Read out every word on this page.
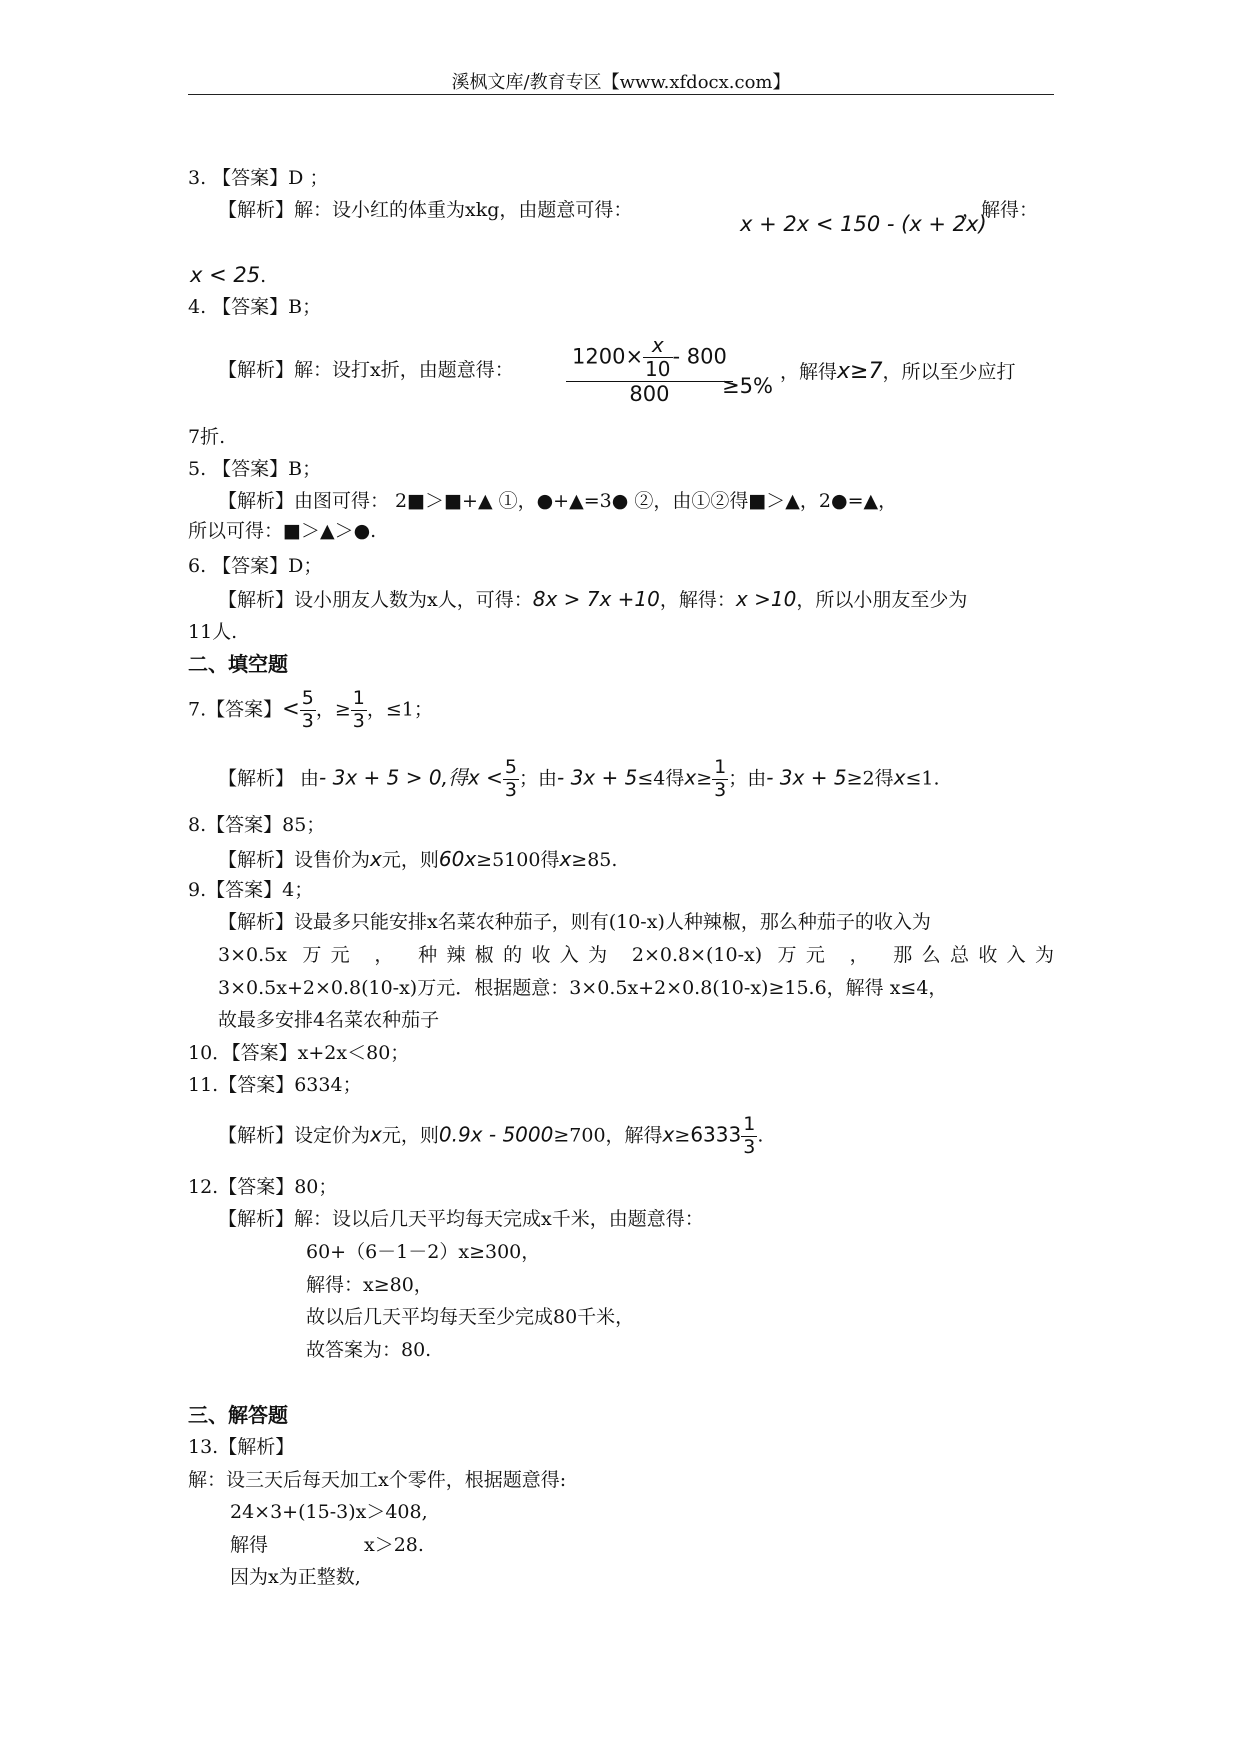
溪枫文库/教育专区【www.xfdocx.com】
3. 【答案】D ；
【解析】解：设小红的体重为xkg，由题意可得：
x + 2x < 150 - (x + 2x)
，解得：
x < 25.
4. 【答案】B；
【解析】解：设打x折，由题意得： $\frac{1200\times \frac{x}{10} - 800}{800}$
≥5%
，解得x≥7，所以至少应打
7折.
5. 【答案】B；
【解析】由图可得： 2■＞■+▲ ①，●+▲=3● ②，由①②得■＞▲，2●=▲，
所以可得：■＞▲＞●.
6. 【答案】D；
【解析】设小朋友人数为x人，可得：8x > 7x +10，解得：x >10，所以小朋友至少为
11人.
二、填空题
7.【答案】< $\frac{5}{3}$ ，≥ $\frac{1}{3}$ ，≤1；
【解析】 由- 3x + 5 > 0,得$x < \frac{5}{3}$ ；由- 3x + 5≤4得$x\ge \frac{1}{3}$ ；由- 3x + 5≥2得x≤1.
8.【答案】85；
【解析】设售价为x元，则60x≥5100得x≥85.
9.【答案】4；
【解析】设最多只能安排x名菜农种茄子，则有(10-x)人种辣椒，那么种茄子的收入为
3×0.5x 万元 ， 种辣椒的收入为 2×0.8×(10-x) 万元 ， 那么总收入为
3×0.5x+2×0.8(10-x)万元．根据题意：3×0.5x+2×0.8(10-x)≥15.6，解得 x≤4，
故最多安排4名菜农种茄子
10．【答案】x+2x＜80；
11.【答案】6334；
【解析】设定价为x元，则0.9x - 5000≥700，解得$x\ge 6333 \frac{1}{3}$ .
12.【答案】80；
【解析】解：设以后几天平均每天完成x千米，由题意得：
60+（6－1－2）x≥300，
解得：x≥80，
故以后几天平均每天至少完成80千米，
故答案为：80.
三、解答题
13.【解析】
解：设三天后每天加工x个零件，根据题意得:
24×3+(15-3)x＞408,
解得	x＞28.
因为x为正整数,
